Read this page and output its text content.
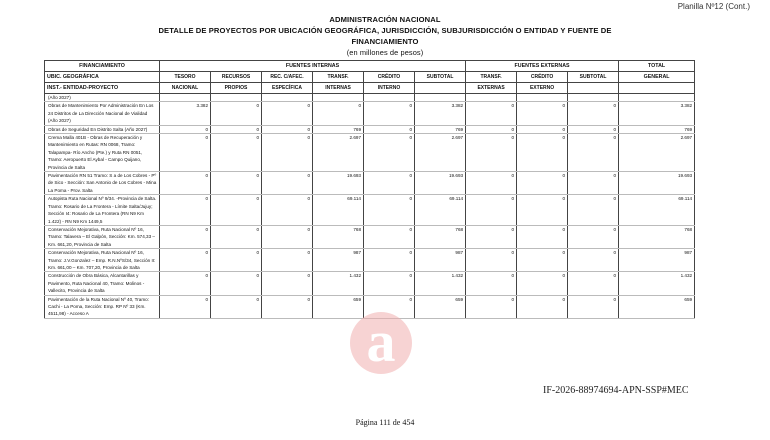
Planilla Nº12 (Cont.)
ADMINISTRACIÓN NACIONAL
DETALLE DE PROYECTOS POR UBICACIÓN GEOGRÁFICA, JURISDICCIÓN, SUBJURISDICCIÓN O ENTIDAD Y FUENTE DE
FINANCIAMIENTO
(en millones de pesos)
FINANCIAMIENTO	FUENTES INTERNAS						FUENTES EXTERNAS			TOTAL
UBIC. GEOGRÁFICA	TESORO	RECURSOS	REC. C/AFEC.	TRANSF.	CRÉDITO	SUBTOTAL	TRANSF.	CRÉDITO	SUBTOTAL	GENERAL
INST.- ENTIDAD-PROYECTO	NACIONAL	PROPIOS	ESPECÍFICA	INTERNAS	INTERNO		EXTERNAS	EXTERNO		
(Año 2027)										
Obras de Mantenimiento Por Administración En Los 24 Distritos de La Dirección Nacional de Vialidad (Año 2027)	3.382	0	0	0	0	3.382	0	0	0	3.382
Obras de Seguridad En Distrito Salta (Año 2027)	0	0	0	769	0	769	0	0	0	769
Crema Malla 401B - Obras de Recuperación y Mantenimiento en Rutas: RN 0068, Tramo: Talapampa- Río Ancho (Pte.) y Ruta RN 0051, Tramo: Aeropuerto El Aybal - Campo Quijano, Provincia de Salta	0	0	0	2.697	0	2.697	0	0	0	2.697
Pavimentación RN 51 Tramo: S a de Los Cobres - Pº de Sico - Sección: San Antonio de Los Cobres - Mina La Poma - Prov. Salta	0	0	0	19.693	0	19.693	0	0	0	19.693
Autopista Ruta Nacional Nº 9/34. -Provincia de Salta. Tramo: Rosario de La Frontera - Límite Salta/Jujuy; Sección I4: Rosario de La Frontera (RN N9 Km 1.422) - RN N9 Km 1449,5	0	0	0	69.114	0	69.114	0	0	0	69.114
Conservación Mejorativa, Ruta Nacional Nº 16, Tramo: Talavera – El Galpón, Sección: Km. 574,33 – Km. 661,20, Provincia de Salta	0	0	0	768	0	768	0	0	0	768
Conservación Mejorativa, Ruta Nacional Nº 16, Tramo: J.V.Gonzalez – Emp. R.N.NºS/34, Sección II: Km. 661,00 – Km. 707,20, Provincia de Salta	0	0	0	987	0	987	0	0	0	987
Construcción de Obra Básica, Alcantarillas y Pavimento, Ruta Nacional 40, Tramo: Molinos - Vallecito, Provincia de Salta	0	0	0	1.432	0	1.432	0	0	0	1.432
Pavimentación de la Ruta Nacional Nº 40, Tramo: Cachi - La Poma, Sección: Emp. RP Nº 33 (Km. 4511,98) - Acceso A	0	0	0	659	0	659	0	0	0	659
a
IF-2026-88974694-APN-SSP#MEC
Página 111 de 454
